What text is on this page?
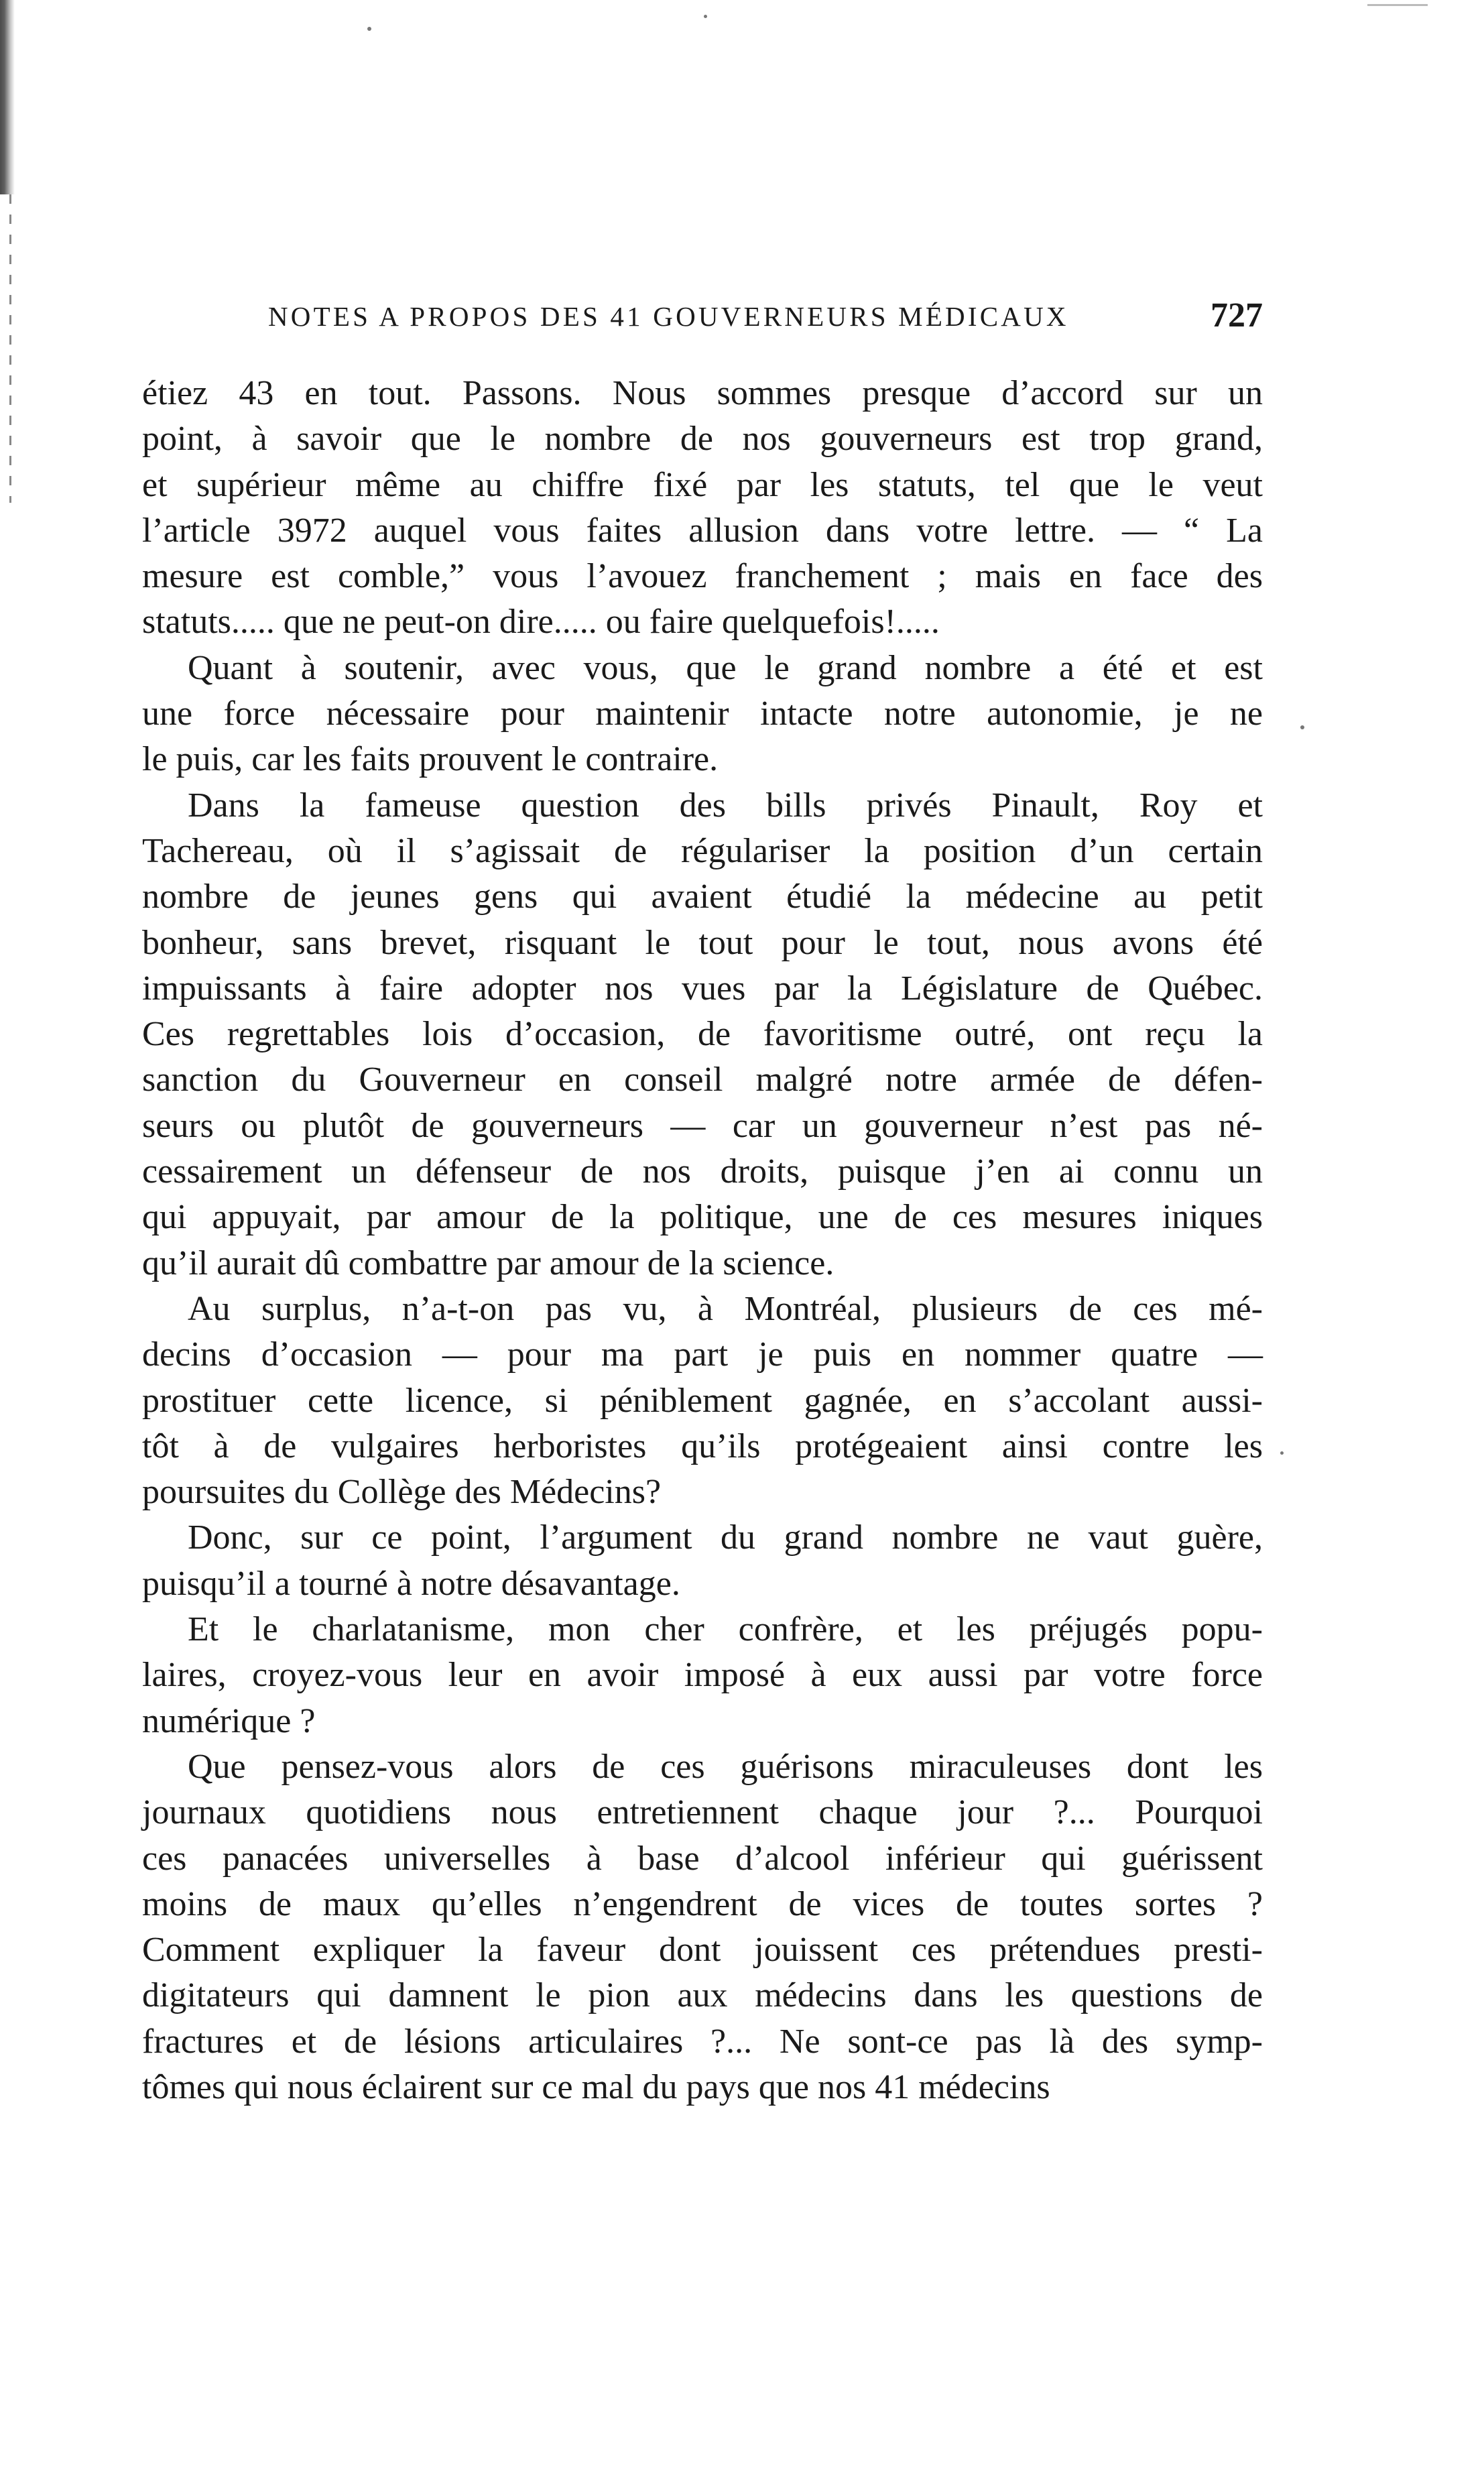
NOTES A PROPOS DES 41 GOUVERNEURS MÉDICAUX	727
étiez 43 en tout. Passons. Nous sommes presque d’accord sur un
point, à savoir que le nombre de nos gouverneurs est trop grand,
et supérieur même au chiffre fixé par les statuts, tel que le veut
l’article 3972 auquel vous faites allusion dans votre lettre. — “ La
mesure est comble,” vous l’avouez franchement ; mais en face des
statuts..... que ne peut-on dire..... ou faire quelquefois!.....
Quant à soutenir, avec vous, que le grand nombre a été et est
une force nécessaire pour maintenir intacte notre autonomie, je ne
le puis, car les faits prouvent le contraire.
Dans la fameuse question des bills privés Pinault, Roy et
Tachereau, où il s’agissait de régulariser la position d’un certain
nombre de jeunes gens qui avaient étudié la médecine au petit
bonheur, sans brevet, risquant le tout pour le tout, nous avons été
impuissants à faire adopter nos vues par la Législature de Québec.
Ces regrettables lois d’occasion, de favoritisme outré, ont reçu la
sanction du Gouverneur en conseil malgré notre armée de défen-
seurs ou plutôt de gouverneurs — car un gouverneur n’est pas né-
cessairement un défenseur de nos droits, puisque j’en ai connu un
qui appuyait, par amour de la politique, une de ces mesures iniques
qu’il aurait dû combattre par amour de la science.
Au surplus, n’a-t-on pas vu, à Montréal, plusieurs de ces mé-
decins d’occasion — pour ma part je puis en nommer quatre —
prostituer cette licence, si péniblement gagnée, en s’accolant aussi-
tôt à de vulgaires herboristes qu’ils protégeaient ainsi contre les
poursuites du Collège des Médecins?
Donc, sur ce point, l’argument du grand nombre ne vaut guère,
puisqu’il a tourné à notre désavantage.
Et le charlatanisme, mon cher confrère, et les préjugés popu-
laires, croyez-vous leur en avoir imposé à eux aussi par votre force
numérique ?
Que pensez-vous alors de ces guérisons miraculeuses dont les
journaux quotidiens nous entretiennent chaque jour ?... Pourquoi
ces panacées universelles à base d’alcool inférieur qui guérissent
moins de maux qu’elles n’engendrent de vices de toutes sortes ?
Comment expliquer la faveur dont jouissent ces prétendues presti-
digitateurs qui damnent le pion aux médecins dans les questions de
fractures et de lésions articulaires ?... Ne sont-ce pas là des symp-
tômes qui nous éclairent sur ce mal du pays que nos 41 médecins
